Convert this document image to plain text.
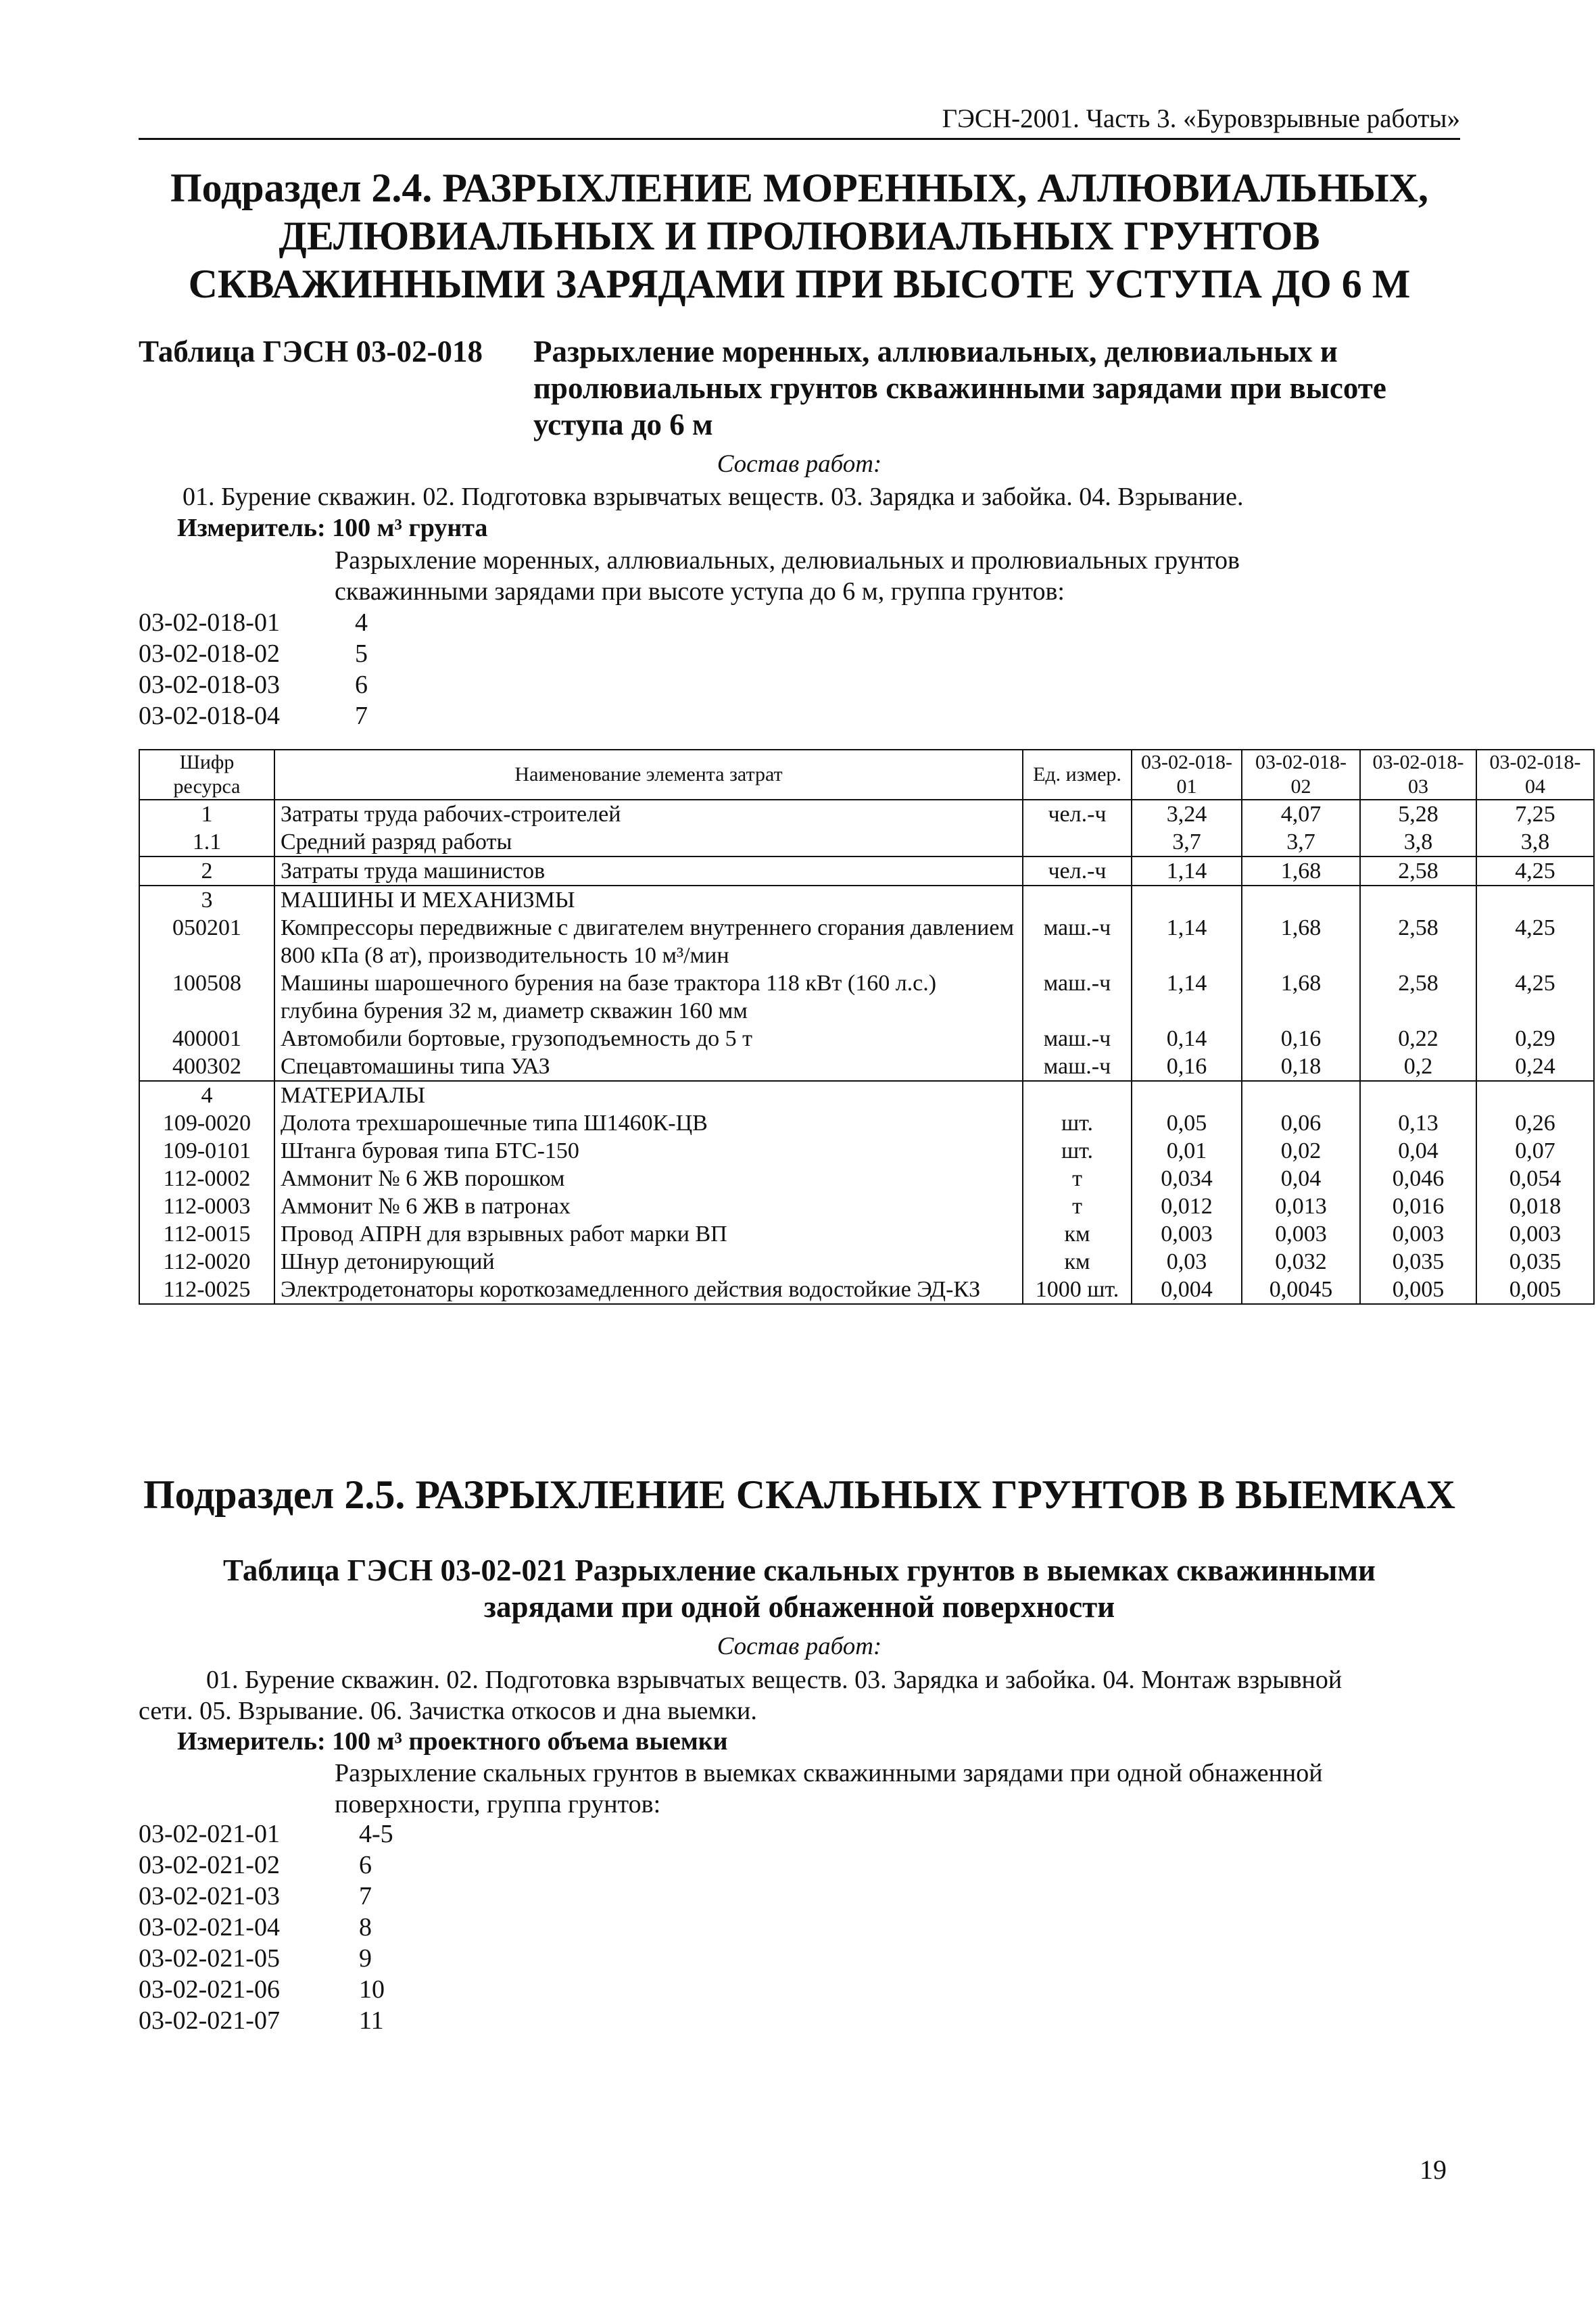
ГЭСН-2001. Часть 3. «Буровзрывные работы»
Подраздел 2.4. РАЗРЫХЛЕНИЕ МОРЕННЫХ, АЛЛЮВИАЛЬНЫХ,
ДЕЛЮВИАЛЬНЫХ И ПРОЛЮВИАЛЬНЫХ ГРУНТОВ
СКВАЖИННЫМИ ЗАРЯДАМИ ПРИ ВЫСОТЕ УСТУПА ДО 6 М
Таблица ГЭСН 03-02-018 Разрыхление моренных, аллювиальных, делювиальных и
пролювиальных грунтов скважинными зарядами при высоте
уступа до 6 м
Состав работ:
01. Бурение скважин. 02. Подготовка взрывчатых веществ. 03. Зарядка и забойка. 04. Взрывание.
Измеритель: 100 м³ грунта
Разрыхление моренных, аллювиальных, делювиальных и пролювиальных грунтов
скважинными зарядами при высоте уступа до 6 м, группа грунтов:
03-02-018-01	4
03-02-018-02	5
03-02-018-03	6
03-02-018-04	7
Шифр ресурса	Наименование элемента затрат	Ед. измер.	03-02-018-01	03-02-018-02	03-02-018-03	03-02-018-04
1	Затраты труда рабочих-строителей	чел.-ч	3,24	4,07	5,28	7,25
1.1	Средний разряд работы		3,7	3,7	3,8	3,8
2	Затраты труда машинистов	чел.-ч	1,14	1,68	2,58	4,25
3	МАШИНЫ И МЕХАНИЗМЫ					
050201	Компрессоры передвижные с двигателем внутреннего сгорания давлением 800 кПа (8 ат), производительность 10 м³/мин	маш.-ч	1,14	1,68	2,58	4,25
100508	Машины шарошечного бурения на базе трактора 118 кВт (160 л.с.) глубина бурения 32 м, диаметр скважин 160 мм	маш.-ч	1,14	1,68	2,58	4,25
400001	Автомобили бортовые, грузоподъемность до 5 т	маш.-ч	0,14	0,16	0,22	0,29
400302	Спецавтомашины типа УАЗ	маш.-ч	0,16	0,18	0,2	0,24
4	МАТЕРИАЛЫ					
109-0020	Долота трехшарошечные типа Ш1460К-ЦВ	шт.	0,05	0,06	0,13	0,26
109-0101	Штанга буровая типа БТС-150	шт.	0,01	0,02	0,04	0,07
112-0002	Аммонит № 6 ЖВ порошком	т	0,034	0,04	0,046	0,054
112-0003	Аммонит № 6 ЖВ в патронах	т	0,012	0,013	0,016	0,018
112-0015	Провод АПРН для взрывных работ марки ВП	км	0,003	0,003	0,003	0,003
112-0020	Шнур детонирующий	км	0,03	0,032	0,035	0,035
112-0025	Электродетонаторы короткозамедленного действия водостойкие ЭД-КЗ	1000 шт.	0,004	0,0045	0,005	0,005
Подраздел 2.5. РАЗРЫХЛЕНИЕ СКАЛЬНЫХ ГРУНТОВ В ВЫЕМКАХ
Таблица ГЭСН 03-02-021 Разрыхление скальных грунтов в выемках скважинными
зарядами при одной обнаженной поверхности
Состав работ:
01. Бурение скважин. 02. Подготовка взрывчатых веществ. 03. Зарядка и забойка. 04. Монтаж взрывной
сети. 05. Взрывание. 06. Зачистка откосов и дна выемки.
Измеритель: 100 м³ проектного объема выемки
Разрыхление скальных грунтов в выемках скважинными зарядами при одной обнаженной
поверхности, группа грунтов:
03-02-021-01	4-5
03-02-021-02	6
03-02-021-03	7
03-02-021-04	8
03-02-021-05	9
03-02-021-06	10
03-02-021-07	11
19
